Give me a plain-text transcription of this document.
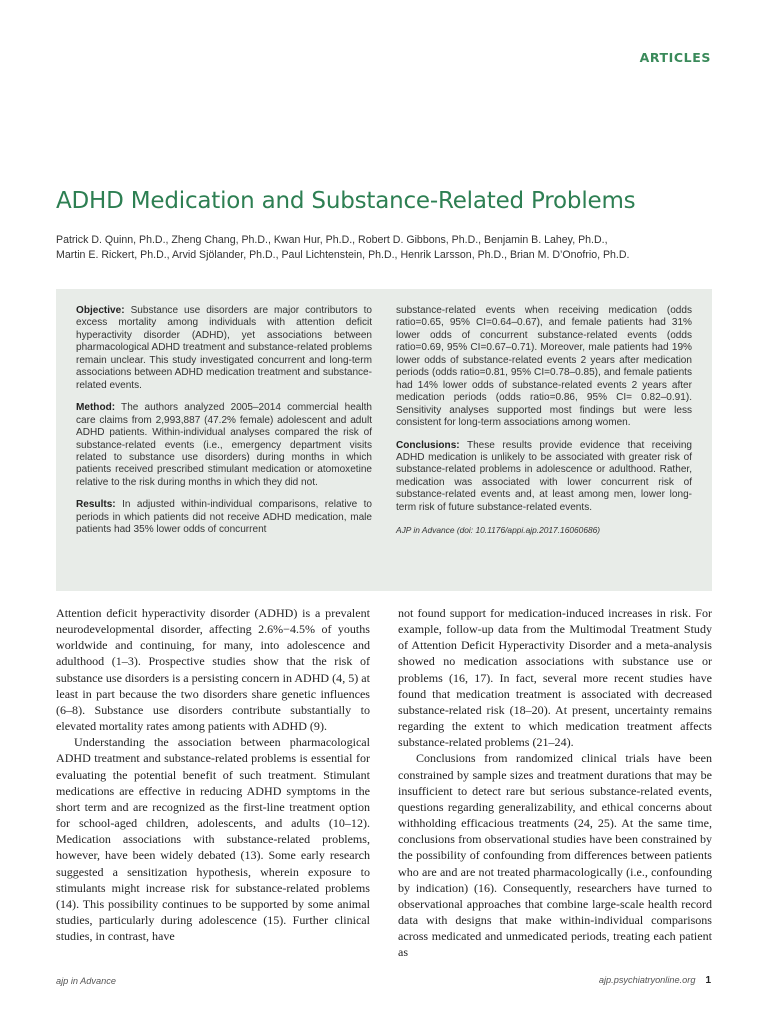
ARTICLES
ADHD Medication and Substance-Related Problems
Patrick D. Quinn, Ph.D., Zheng Chang, Ph.D., Kwan Hur, Ph.D., Robert D. Gibbons, Ph.D., Benjamin B. Lahey, Ph.D.,
Martin E. Rickert, Ph.D., Arvid Sjölander, Ph.D., Paul Lichtenstein, Ph.D., Henrik Larsson, Ph.D., Brian M. D’Onofrio, Ph.D.

Objective: Substance use disorders are major contributors to excess mortality among individuals with attention deficit hyperactivity disorder (ADHD), yet associations between pharmacological ADHD treatment and substance-related problems remain unclear. This study investigated concurrent and long-term associations between ADHD medication treatment and substance-related events.

Method: The authors analyzed 2005–2014 commercial health care claims from 2,993,887 (47.2% female) adolescent and adult ADHD patients. Within-individual analyses compared the risk of substance-related events (i.e., emergency department visits related to substance use disorders) during months in which patients received prescribed stimulant medication or atomoxetine relative to the risk during months in which they did not.

Results: In adjusted within-individual comparisons, relative to periods in which patients did not receive ADHD medication, male patients had 35% lower odds of concurrent

substance-related events when receiving medication (odds ratio=0.65, 95% CI=0.64–0.67), and female patients had 31% lower odds of concurrent substance-related events (odds ratio=0.69, 95% CI=0.67–0.71). Moreover, male patients had 19% lower odds of substance-related events 2 years after medication periods (odds ratio=0.81, 95% CI=0.78–0.85), and female patients had 14% lower odds of substance-related events 2 years after medication periods (odds ratio=0.86, 95% CI= 0.82–0.91). Sensitivity analyses supported most findings but were less consistent for long-term associations among women.

Conclusions: These results provide evidence that receiving ADHD medication is unlikely to be associated with greater risk of substance-related problems in adolescence or adulthood. Rather, medication was associated with lower concurrent risk of substance-related events and, at least among men, lower long-term risk of future substance-related events.

AJP in Advance (doi: 10.1176/appi.ajp.2017.16060686)

Attention deficit hyperactivity disorder (ADHD) is a prevalent neurodevelopmental disorder, affecting 2.6%−4.5% of youths worldwide and continuing, for many, into adolescence and adulthood (1–3). Prospective studies show that the risk of substance use disorders is a persisting concern in ADHD (4, 5) at least in part because the two disorders share genetic influences (6–8). Substance use disorders contribute substantially to elevated mortality rates among patients with ADHD (9).

Understanding the association between pharmacological ADHD treatment and substance-related problems is essential for evaluating the potential benefit of such treatment. Stimulant medications are effective in reducing ADHD symptoms in the short term and are recognized as the first-line treatment option for school-aged children, adolescents, and adults (10–12). Medication associations with substance-related problems, however, have been widely debated (13). Some early research suggested a sensitization hypothesis, wherein exposure to stimulants might increase risk for substance-related problems (14). This possibility continues to be supported by some animal studies, particularly during adolescence (15). Further clinical studies, in contrast, have

not found support for medication-induced increases in risk. For example, follow-up data from the Multimodal Treatment Study of Attention Deficit Hyperactivity Disorder and a meta-analysis showed no medication associations with substance use or problems (16, 17). In fact, several more recent studies have found that medication treatment is associated with decreased substance-related risk (18–20). At present, uncertainty remains regarding the extent to which medication treatment affects substance-related problems (21–24).

Conclusions from randomized clinical trials have been constrained by sample sizes and treatment durations that may be insufficient to detect rare but serious substance-related events, questions regarding generalizability, and ethical concerns about withholding efficacious treatments (24, 25). At the same time, conclusions from observational studies have been constrained by the possibility of confounding from differences between patients who are and are not treated pharmacologically (i.e., confounding by indication) (16). Consequently, researchers have turned to observational approaches that combine large-scale health record data with designs that make within-individual comparisons across medicated and unmedicated periods, treating each patient as

ajp in Advance	ajp.psychiatryonline.org 1
